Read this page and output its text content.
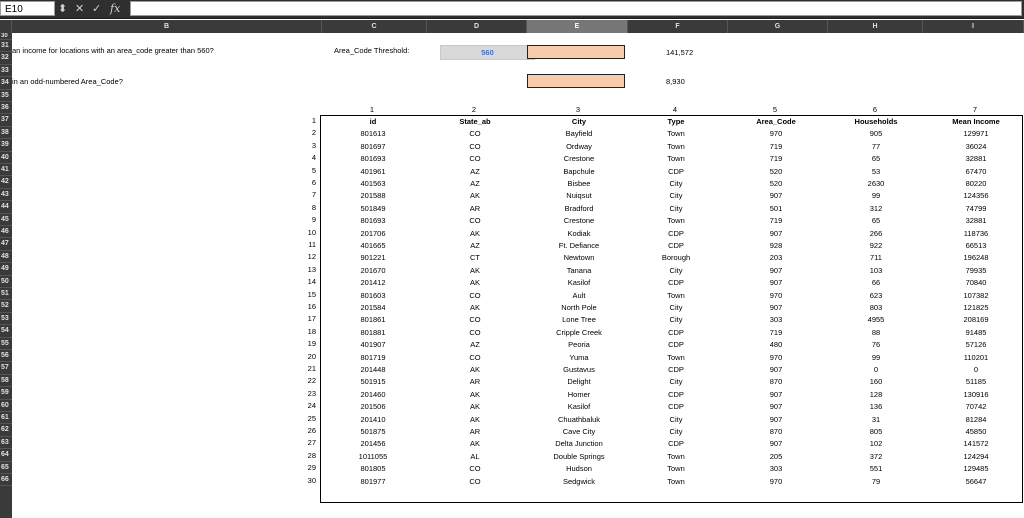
E10	⬍ ✕ ✓ fx
B	C	D	E	F	G	H	I
30
31
32
33
34
35
36
37
38
39
40
41
42
43
44
45
46
47
48
49
50
51
52
53
54
55
56
57
58
59
60
61
62
63
64
65
66
an income for locations with an area_code greater than 560?
in an odd-numbered Area_Code?
Area_Code Threshold:	560	141,572
8,930
1	2	3	4	5	6	7
1
2
3
4
5
6
7
8
9
10
11
12
13
14
15
16
17
18
19
20
21
22
23
24
25
26
27
28
29
30
id	State_ab	City	Type	Area_Code	Households	Mean Income
801613	CO	Bayfield	Town	970	905	129971
801697	CO	Ordway	Town	719	77	36024
801693	CO	Crestone	Town	719	65	32881
401961	AZ	Bapchule	CDP	520	53	67470
401563	AZ	Bisbee	City	520	2630	80220
201588	AK	Nuiqsut	City	907	99	124356
501849	AR	Bradford	City	501	312	74799
801693	CO	Crestone	Town	719	65	32881
201706	AK	Kodiak	CDP	907	266	118736
401665	AZ	Ft. Defiance	CDP	928	922	66513
901221	CT	Newtown	Borough	203	711	196248
201670	AK	Tanana	City	907	103	79935
201412	AK	Kasilof	CDP	907	66	70840
801603	CO	Ault	Town	970	623	107382
201584	AK	North Pole	City	907	803	121825
801861	CO	Lone Tree	City	303	4955	208169
801881	CO	Cripple Creek	CDP	719	88	91485
401907	AZ	Peoria	CDP	480	76	57126
801719	CO	Yuma	Town	970	99	110201
201448	AK	Gustavus	CDP	907	0	0
501915	AR	Delight	City	870	160	51185
201460	AK	Homer	CDP	907	128	130916
201506	AK	Kasilof	CDP	907	136	70742
201410	AK	Chuathbaluk	City	907	31	81284
501875	AR	Cave City	City	870	805	45850
201456	AK	Delta Junction	CDP	907	102	141572
1011055	AL	Double Springs	Town	205	372	124294
801805	CO	Hudson	Town	303	551	129485
801977	CO	Sedgwick	Town	970	79	56647
